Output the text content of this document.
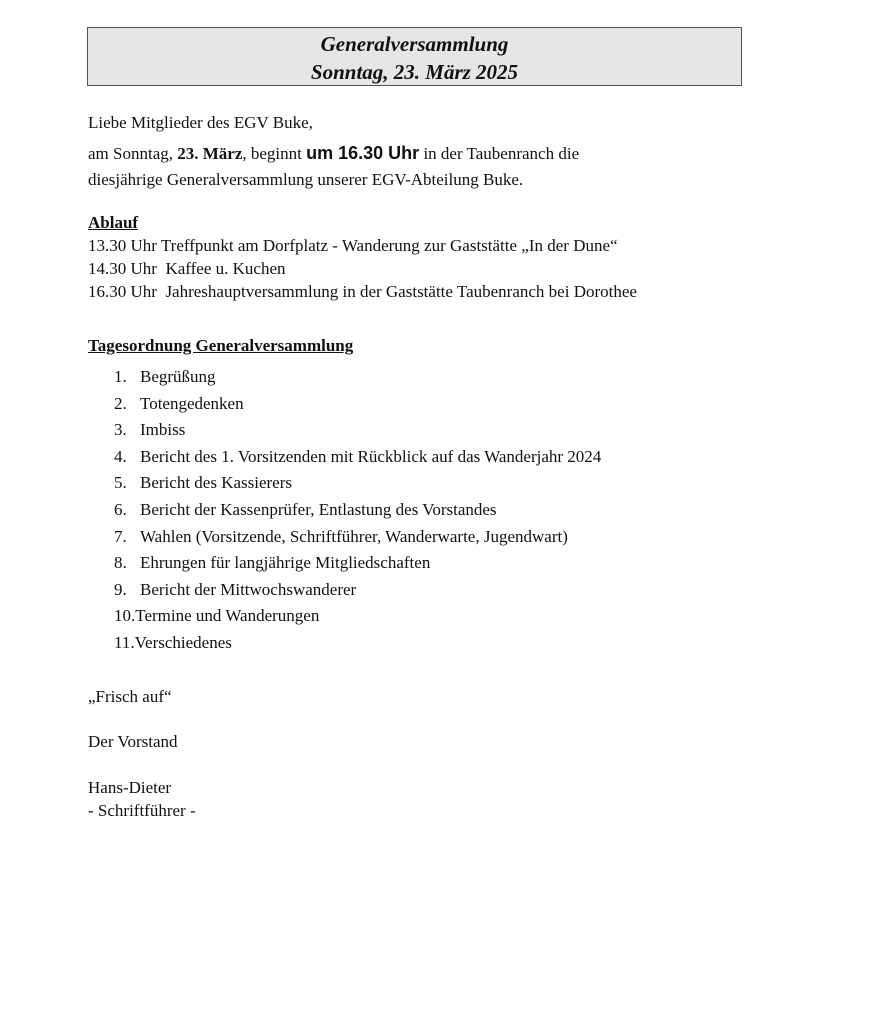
Generalversammlung
Sonntag, 23. März 2025
Liebe Mitglieder des EGV Buke,
am Sonntag, 23. März, beginnt um 16.30 Uhr in der Taubenranch die
diesjährige Generalversammlung unserer EGV-Abteilung Buke.
Ablauf
13.30 Uhr Treffpunkt am Dorfplatz - Wanderung zur Gaststätte „In der Dune“
14.30 Uhr  Kaffee u. Kuchen
16.30 Uhr  Jahreshauptversammlung in der Gaststätte Taubenranch bei Dorothee
Tagesordnung Generalversammlung
1. Begrüßung
2. Totengedenken
3. Imbiss
4. Bericht des 1. Vorsitzenden mit Rückblick auf das Wanderjahr 2024
5. Bericht des Kassierers
6. Bericht der Kassenprüfer, Entlastung des Vorstandes
7. Wahlen (Vorsitzende, Schriftführer, Wanderwarte, Jugendwart)
8. Ehrungen für langjährige Mitgliedschaften
9. Bericht der Mittwochswanderer
10. Termine und Wanderungen
11. Verschiedenes
„Frisch auf“
Der Vorstand
Hans-Dieter
- Schriftführer -
